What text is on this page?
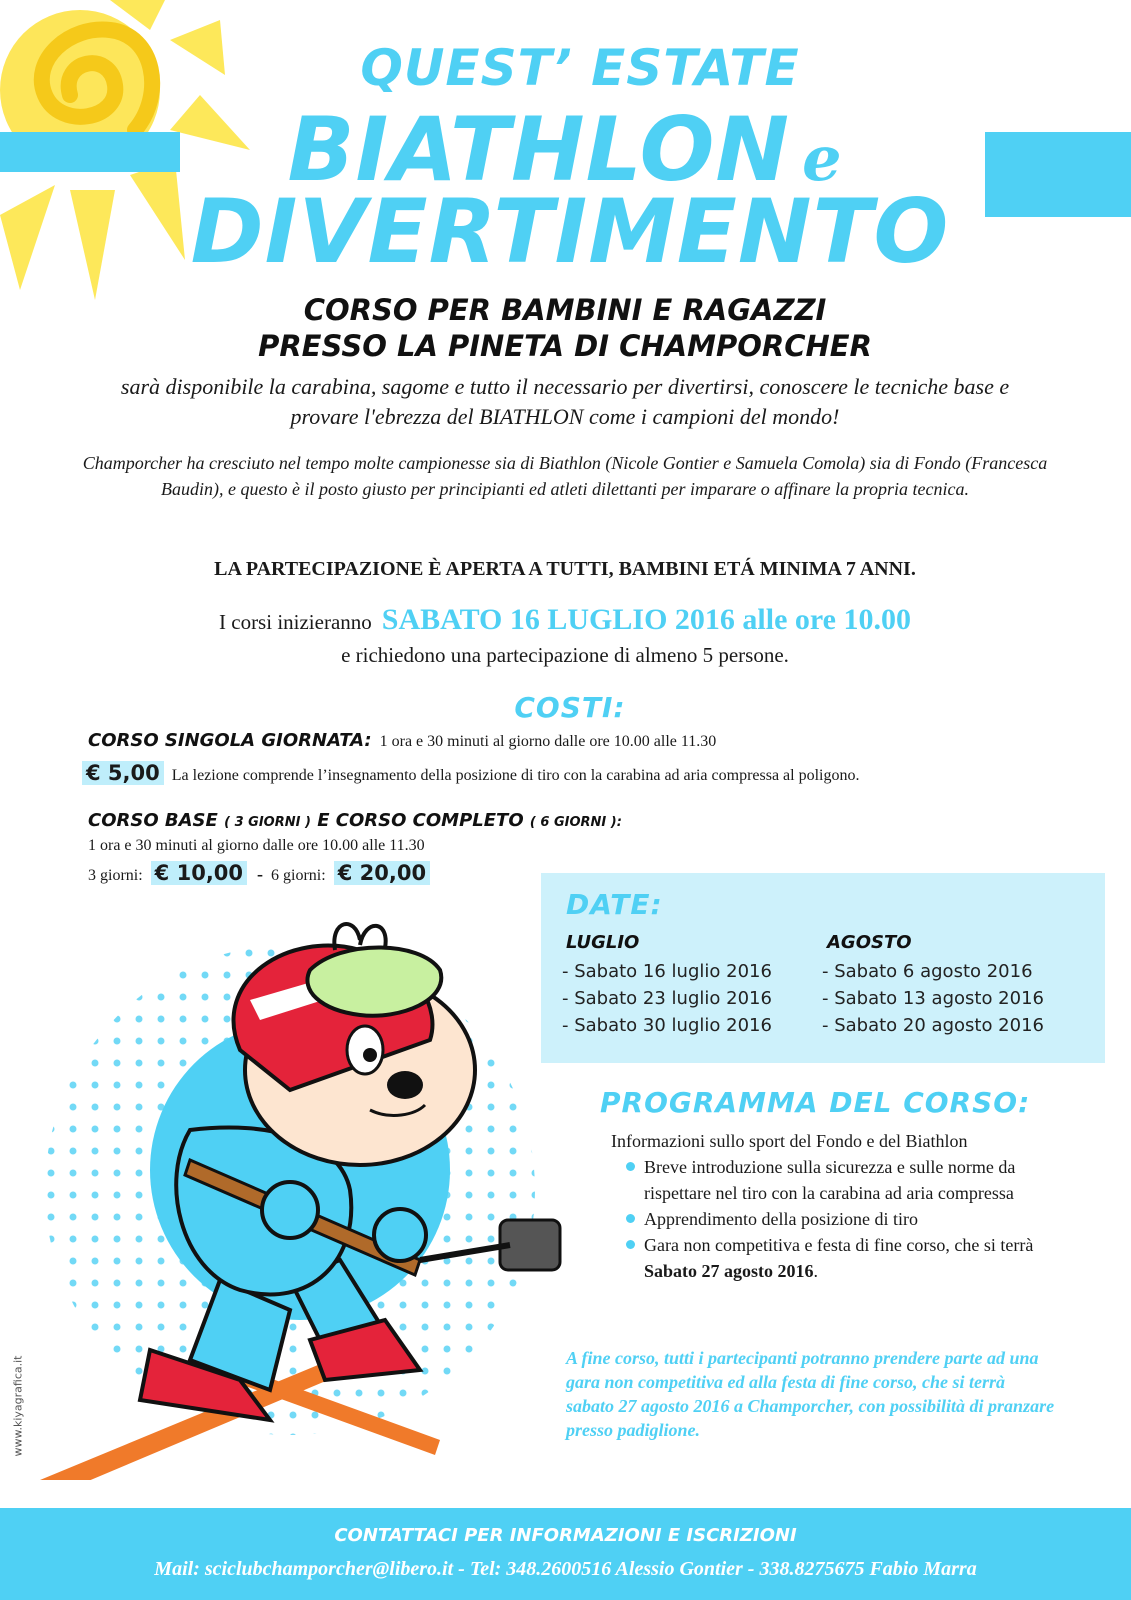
QUEST’ ESTATE
BIATHLON e
DIVERTIMENTO
CORSO PER BAMBINI E RAGAZZI
PRESSO LA PINETA DI CHAMPORCHER
sarà disponibile la carabina, sagome e tutto il necessario per divertirsi, conoscere le tecniche base e provare l'ebrezza del BIATHLON come i campioni del mondo!
Champorcher ha cresciuto nel tempo molte campionesse sia di Biathlon (Nicole Gontier e Samuela Comola) sia di Fondo (Francesca Baudin), e questo è il posto giusto per principianti ed atleti dilettanti per imparare o affinare la propria tecnica.
LA PARTECIPAZIONE È APERTA A TUTTI, BAMBINI ETÁ MINIMA 7 ANNI.
I corsi inizieranno SABATO 16 LUGLIO 2016 alle ore 10.00
e richiedono una partecipazione di almeno 5 persone.
COSTI:
CORSO SINGOLA GIORNATA: 1 ora e 30 minuti al giorno dalle ore 10.00 alle 11.30
€ 5,00 La lezione comprende l’insegnamento della posizione di tiro con la carabina ad aria compressa al poligono.
CORSO BASE ( 3 GIORNI ) E CORSO COMPLETO ( 6 GIORNI ):
1 ora e 30 minuti al giorno dalle ore 10.00 alle 11.30
3 giorni: € 10,00 - 6 giorni: € 20,00
DATE:
LUGLIO	AGOSTO
- Sabato 16 luglio 2016
- Sabato 23 luglio 2016
- Sabato 30 luglio 2016
- Sabato 6 agosto 2016
- Sabato 13 agosto 2016
- Sabato 20 agosto 2016
PROGRAMMA DEL CORSO:
Informazioni sullo sport del Fondo e del Biathlon
Breve introduzione sulla sicurezza e sulle norme da rispettare nel tiro con la carabina ad aria compressa
Apprendimento della posizione di tiro
Gara non competitiva e festa di fine corso, che si terrà Sabato 27 agosto 2016.
A fine corso, tutti i partecipanti potranno prendere parte ad una gara non competitiva ed alla festa di fine corso, che si terrà sabato 27 agosto 2016 a Champorcher, con possibilità di pranzare presso padiglione.
www.kiyagrafica.it
CONTATTACI PER INFORMAZIONI E ISCRIZIONI
Mail: sciclubchamporcher@libero.it - Tel: 348.2600516 Alessio Gontier - 338.8275675 Fabio Marra
